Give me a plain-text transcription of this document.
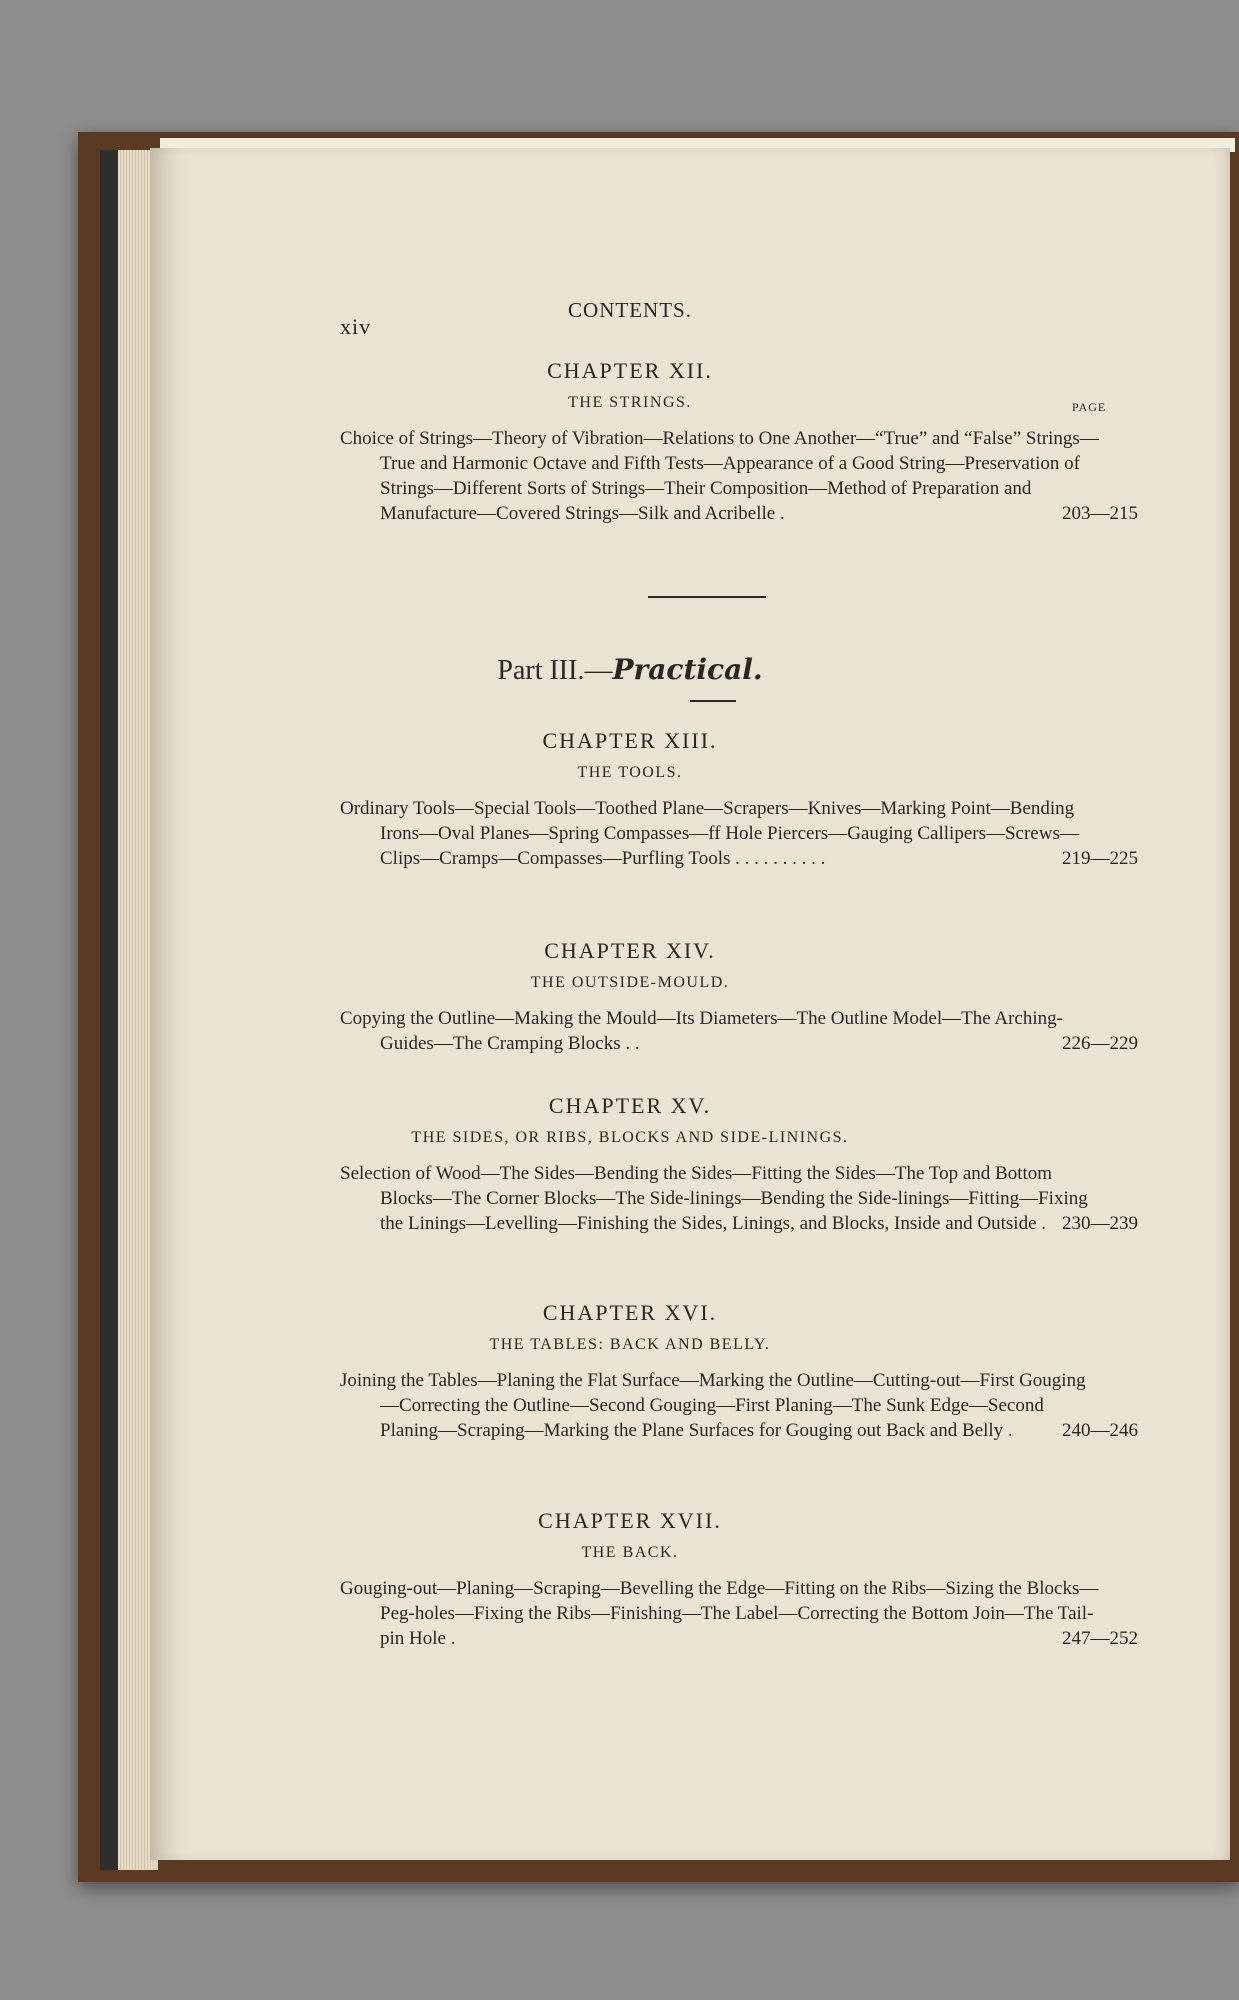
xiv
CONTENTS.
PAGE

CHAPTER XII.

THE STRINGS.

Choice of Strings—Theory of Vibration—Relations to One Another—“True” and “False” Strings—True and Harmonic Octave and Fifth Tests—Appearance of a Good String—Preservation of Strings—Different Sorts of Strings—Their Composition—Method of Preparation and Manufacture—Covered Strings—Silk and Acribelle .	203—215
Part III.—Practical.

CHAPTER XIII.

THE TOOLS.

Ordinary Tools—Special Tools—Toothed Plane—Scrapers—Knives—Marking Point—Bending Irons—Oval Planes—Spring Compasses—ff Hole Piercers—Gauging Callipers—Screws—Clips—Cramps—Compasses—Purfling Tools . . . . . . . . . .	219—225

CHAPTER XIV.

THE OUTSIDE-MOULD.

Copying the Outline—Making the Mould—Its Diameters—The Outline Model—The Arching-Guides—The Cramping Blocks . .	226—229

CHAPTER XV.

THE SIDES, OR RIBS, BLOCKS AND SIDE-LININGS.

Selection of Wood—The Sides—Bending the Sides—Fitting the Sides—The Top and Bottom Blocks—The Corner Blocks—The Side-linings—Bending the Side-linings—Fitting—Fixing the Linings—Levelling—Finishing the Sides, Linings, and Blocks, Inside and Outside . 230—239

CHAPTER XVI.

THE TABLES: BACK AND BELLY.

Joining the Tables—Planing the Flat Surface—Marking the Outline—Cutting-out—First Gouging—Correcting the Outline—Second Gouging—First Planing—The Sunk Edge—Second Planing—Scraping—Marking the Plane Surfaces for Gouging out Back and Belly .	240—246

CHAPTER XVII.

THE BACK.

Gouging-out—Planing—Scraping—Bevelling the Edge—Fitting on the Ribs—Sizing the Blocks—Peg-holes—Fixing the Ribs—Finishing—The Label—Correcting the Bottom Join—The Tail-pin Hole .	247—252
